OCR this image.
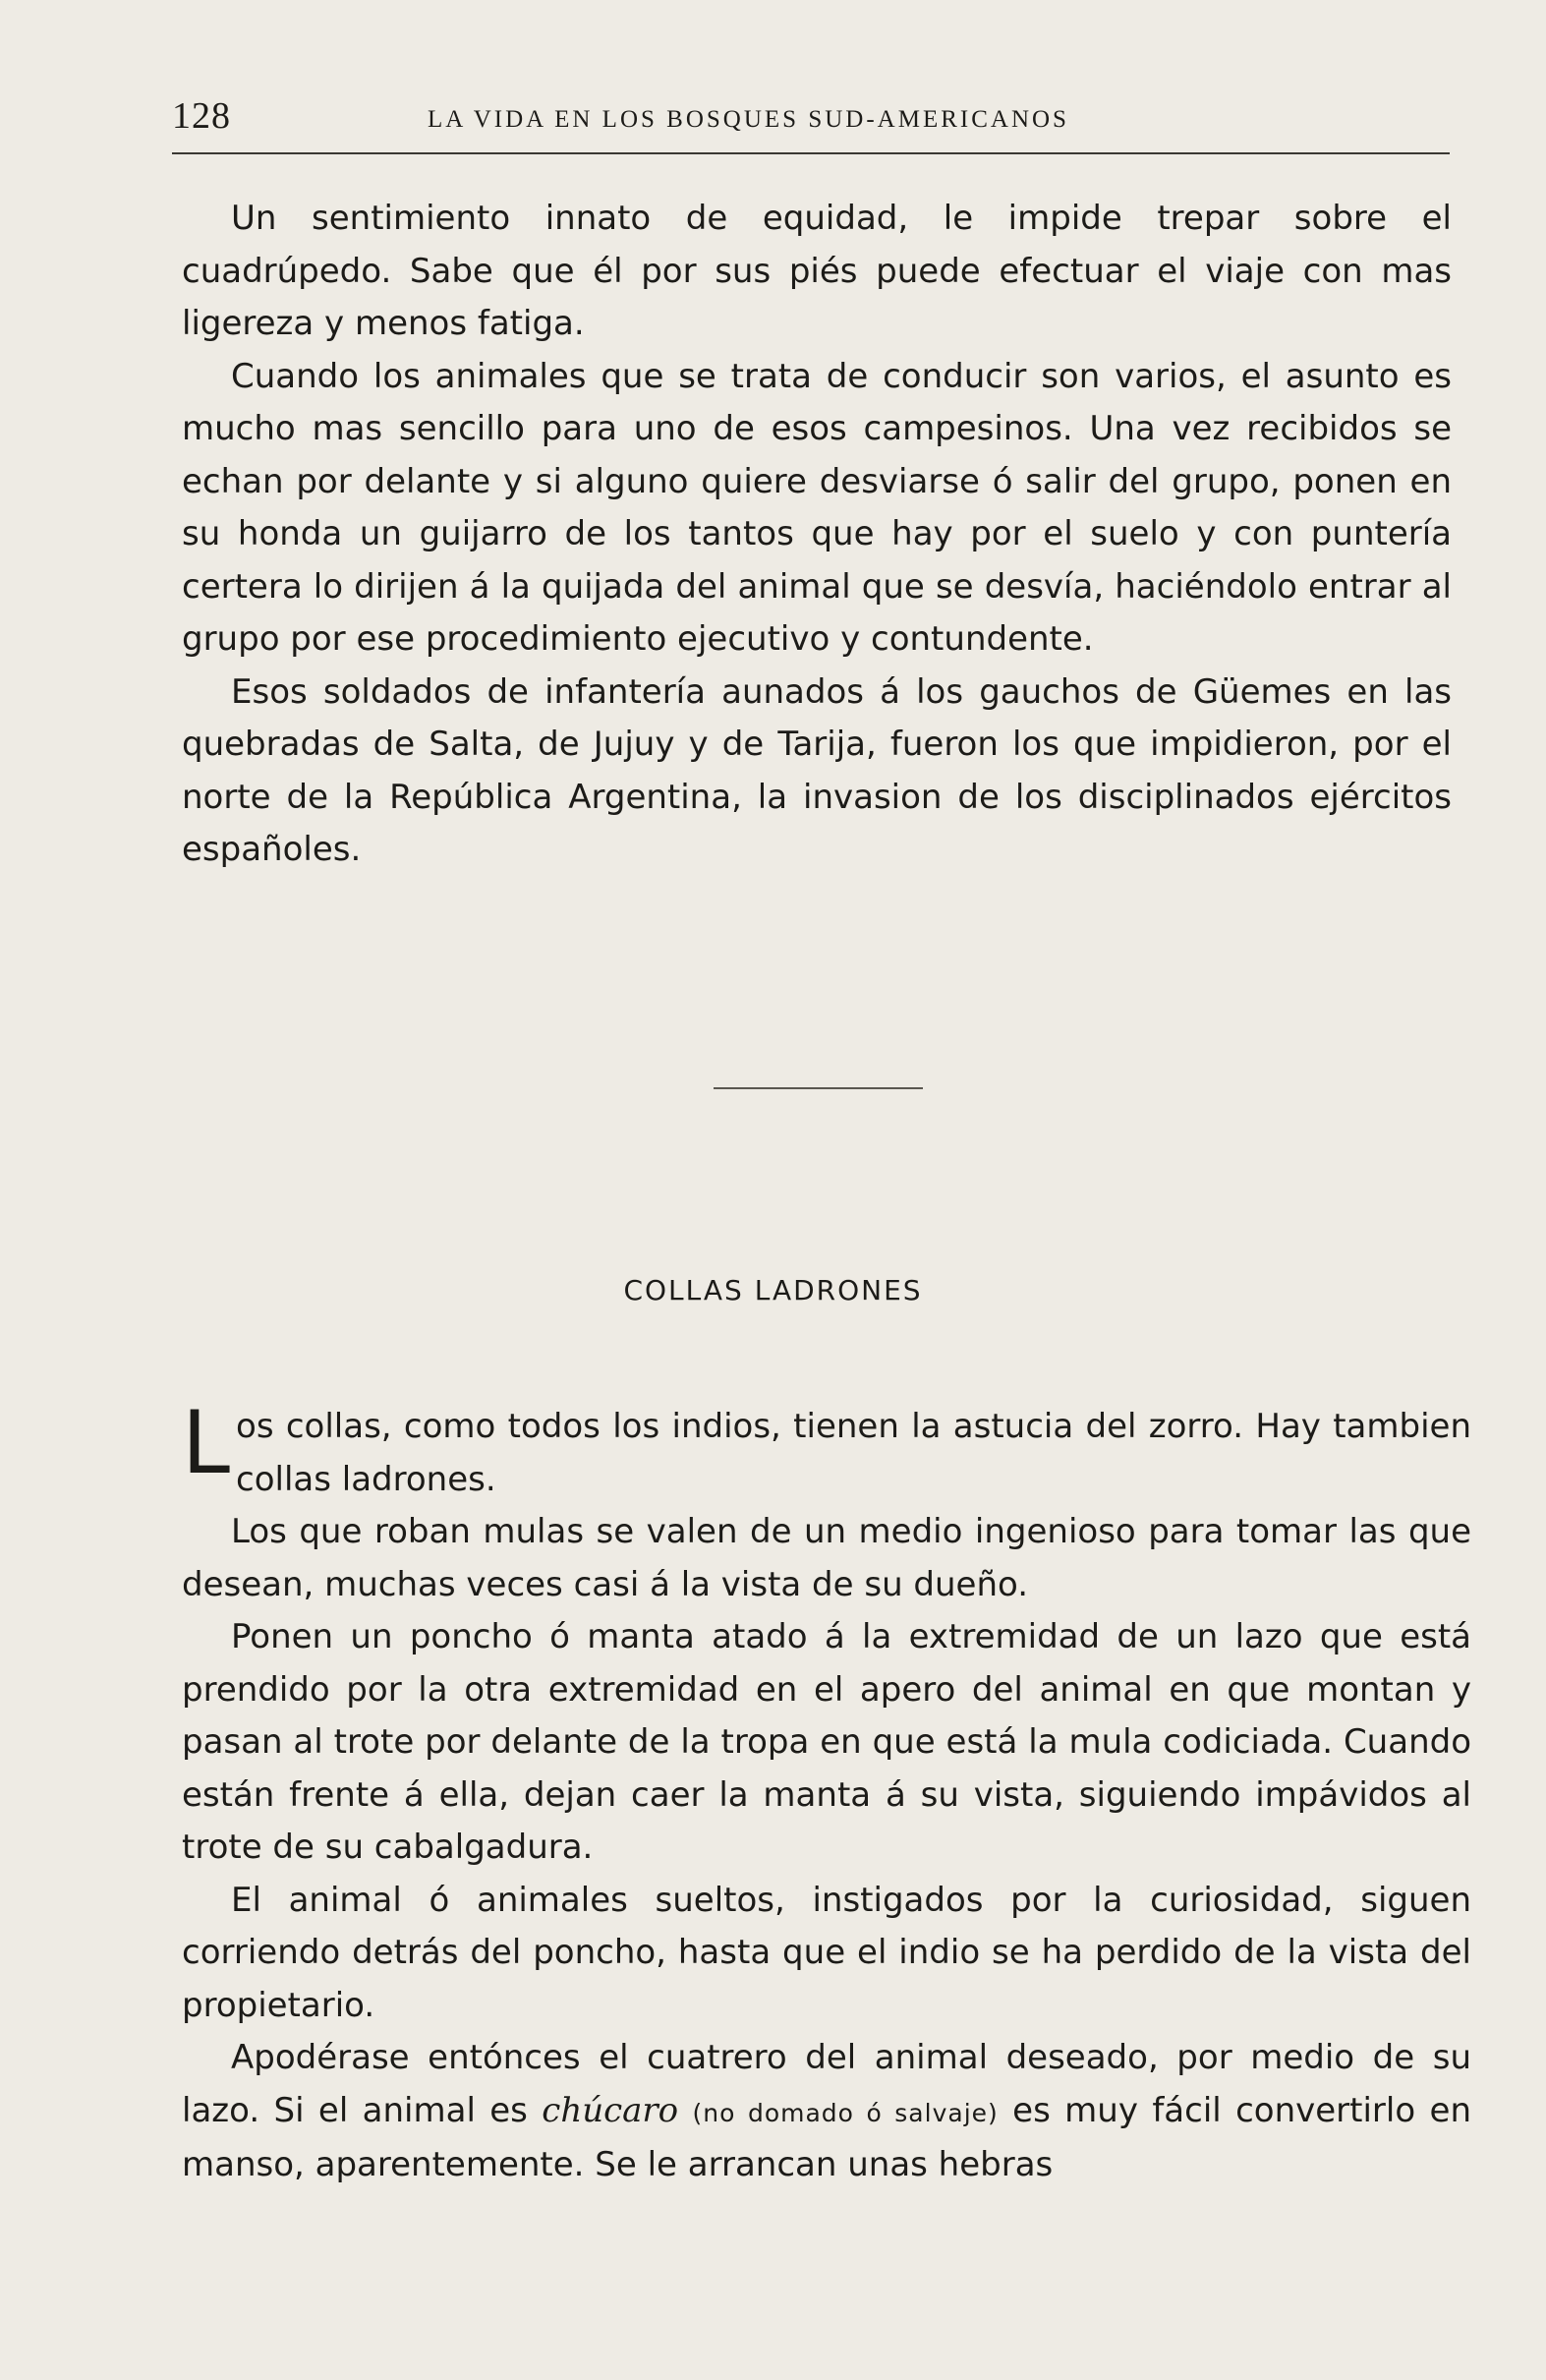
128	LA VIDA EN LOS BOSQUES SUD-AMERICANOS

Un sentimiento innato de equidad, le impide trepar sobre el cuadrúpedo. Sabe que él por sus piés puede efectuar el viaje con mas ligereza y menos fatiga.

Cuando los animales que se trata de conducir son varios, el asunto es mucho mas sencillo para uno de esos campesinos. Una vez recibidos se echan por delante y si alguno quiere desviarse ó salir del grupo, ponen en su honda un guijarro de los tantos que hay por el suelo y con puntería certera lo dirijen á la quijada del animal que se desvía, haciéndolo entrar al grupo por ese procedimiento ejecutivo y contundente.

Esos soldados de infantería aunados á los gauchos de Güemes en las quebradas de Salta, de Jujuy y de Tarija, fueron los que impidieron, por el norte de la República Argentina, la invasion de los disciplinados ejércitos españoles.

COLLAS LADRONES

Los collas, como todos los indios, tienen la astucia del zorro. Hay tambien collas ladrones.

Los que roban mulas se valen de un medio ingenioso para tomar las que desean, muchas veces casi á la vista de su dueño.

Ponen un poncho ó manta atado á la extremidad de un lazo que está prendido por la otra extremidad en el apero del animal en que montan y pasan al trote por delante de la tropa en que está la mula codiciada. Cuando están frente á ella, dejan caer la manta á su vista, siguiendo impávidos al trote de su cabalgadura.

El animal ó animales sueltos, instigados por la curiosidad, siguen corriendo detrás del poncho, hasta que el indio se ha perdido de la vista del propietario.

Apodérase entónces el cuatrero del animal deseado, por medio de su lazo. Si el animal es chúcaro (no domado ó salvaje) es muy fácil convertirlo en manso, aparentemente. Se le arrancan unas hebras
